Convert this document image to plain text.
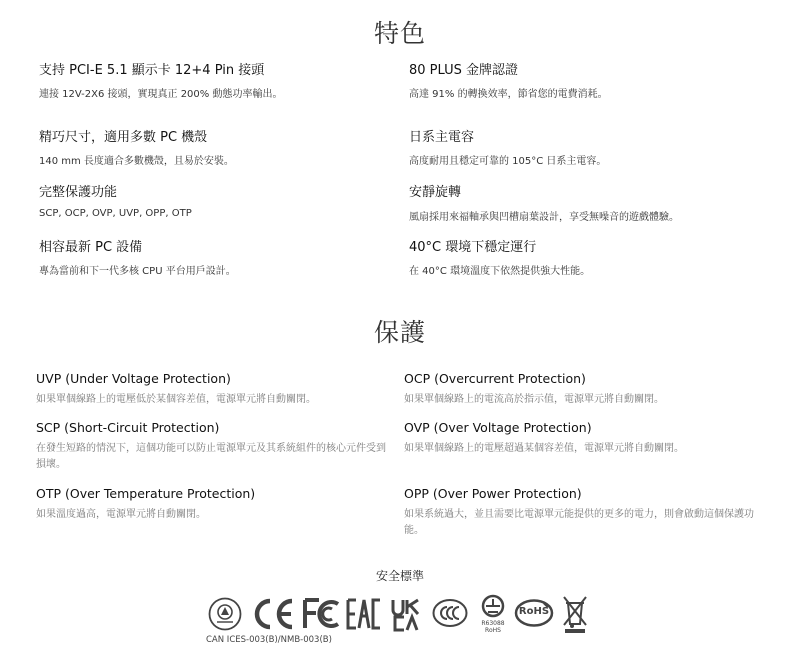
特色
支持 PCI-E 5.1 顯示卡 12+4 Pin 接頭
連接 12V-2X6 接頭，實現真正 200% 動態功率輸出。
80 PLUS 金牌認證
高達 91% 的轉換效率，節省您的電費消耗。
精巧尺寸，適用多數 PC 機殼
140 mm 長度適合多數機殼，且易於安裝。
日系主電容
高度耐用且穩定可靠的 105°C 日系主電容。
完整保護功能
SCP, OCP, OVP, UVP, OPP, OTP
安靜旋轉
風扇採用來福軸承與凹槽扇葉設計，享受無噪音的遊戲體驗。
相容最新 PC 設備
專為當前和下一代多核 CPU 平台用戶設計。
40°C 環境下穩定運行
在 40°C 環境溫度下依然提供強大性能。
保護
UVP (Under Voltage Protection)
如果單個線路上的電壓低於某個容差值，電源單元將自動關閉。
OCP (Overcurrent Protection)
如果單個線路上的電流高於指示值，電源單元將自動關閉。
SCP (Short-Circuit Protection)
在發生短路的情況下，這個功能可以防止電源單元及其系統組件的核心元件受到損壞。
OVP (Over Voltage Protection)
如果單個線路上的電壓超過某個容差值，電源單元將自動關閉。
OTP (Over Temperature Protection)
如果溫度過高，電源單元將自動關閉。
OPP (Over Power Protection)
如果系統過大，並且需要比電源單元能提供的更多的電力，則會啟動這個保護功能。
安全標準
R63088
RoHS
RoHS
CAN ICES-003(B)/NMB-003(B)
